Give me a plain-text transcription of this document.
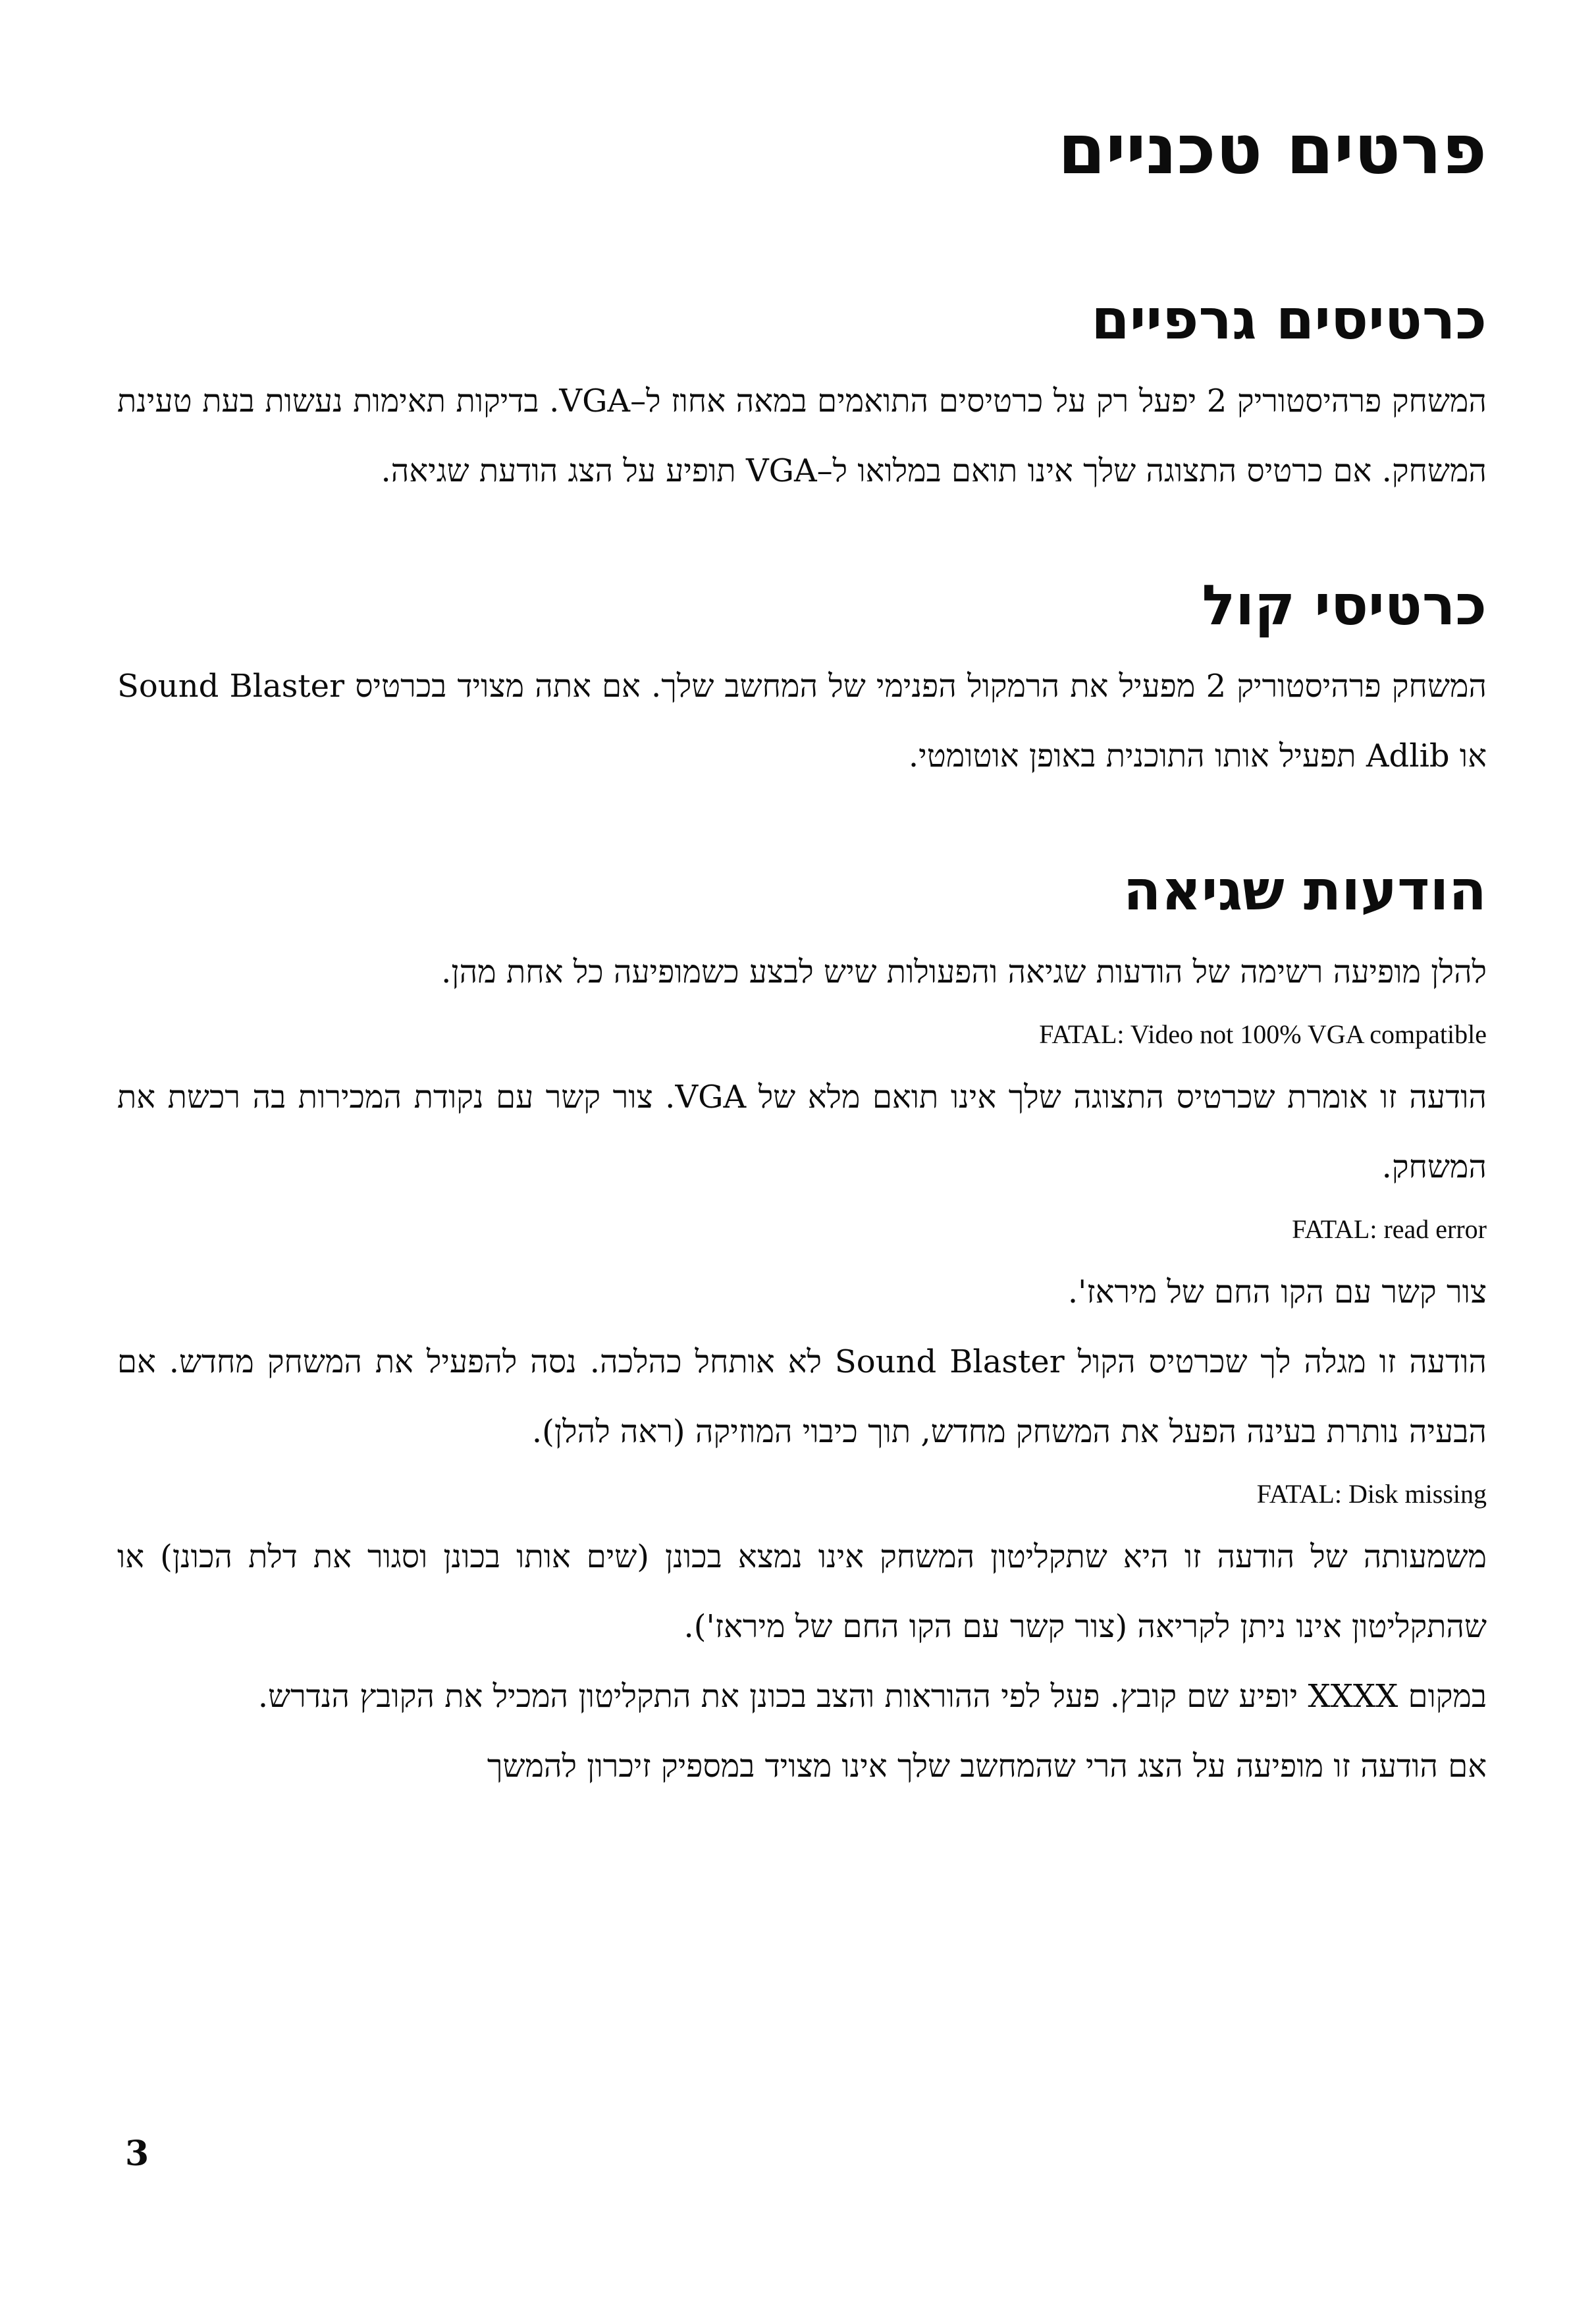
פרטים טכניים
כרטיסים גרפיים

המשחק פרהיסטוריק 2 יפעל רק על כרטיסים התואמים במאה אחוז ל–VGA. בדיקות תאימות נעשות בעת טעינת המשחק. אם כרטיס התצוגה שלך אינו תואם במלואו ל–VGA תופיע על הצג הודעת שגיאה.

כרטיסי קול

המשחק פרהיסטוריק 2 מפעיל את הרמקול הפנימי של המחשב שלך. אם אתה מצויד בכרטיס Sound Blaster או Adlib תפעיל אותו התוכנית באופן אוטומטי.

הודעות שגיאה

להלן מופיעה רשימה של הודעות שגיאה והפעולות שיש לבצע כשמופיעה כל אחת מהן.

FATAL: Video not 100% VGA compatible

הודעה זו אומרת שכרטיס התצוגה שלך אינו תואם מלא של VGA. צור קשר עם נקודת המכירות בה רכשת את המשחק.

FATAL: read error

צור קשר עם הקו החם של מיראז'.

הודעה זו מגלה לך שכרטיס הקול Sound Blaster לא אותחל כהלכה. נסה להפעיל את המשחק מחדש. אם הבעיה נותרת בעינה הפעל את המשחק מחדש, תוך כיבוי המוזיקה (ראה להלן).

FATAL: Disk missing

משמעותה של הודעה זו היא שתקליטון המשחק אינו נמצא בכונן (שים אותו בכונן וסגור את דלת הכונן) או שהתקליטון אינו ניתן לקריאה (צור קשר עם הקו החם של מיראז').

במקום XXXX יופיע שם קובץ. פעל לפי ההוראות והצב בכונן את התקליטון המכיל את הקובץ הנדרש.

אם הודעה זו מופיעה על הצג הרי שהמחשב שלך אינו מצויד במספיק זיכרון להמשך

3
